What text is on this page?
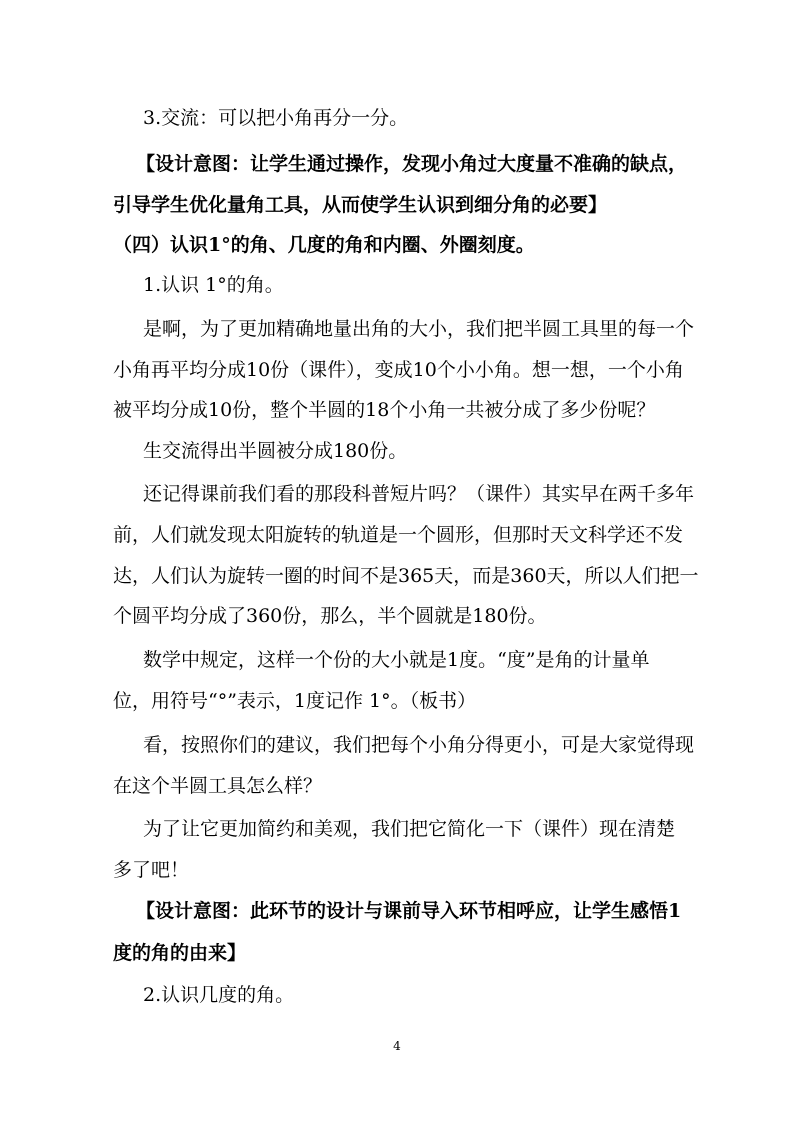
3.交流：可以把小角再分一分。
【设计意图：让学生通过操作，发现小角过大度量不准确的缺点，
引导学生优化量角工具，从而使学生认识到细分角的必要】
（四）认识1°的角、几度的角和内圈、外圈刻度。
1.认识 1°的角。
是啊，为了更加精确地量出角的大小，我们把半圆工具里的每一个
小角再平均分成10份（课件），变成10个小小角。想一想，一个小角
被平均分成10份，整个半圆的18个小角一共被分成了多少份呢？
生交流得出半圆被分成180份。
还记得课前我们看的那段科普短片吗？（课件）其实早在两千多年
前，人们就发现太阳旋转的轨道是一个圆形，但那时天文科学还不发
达，人们认为旋转一圈的时间不是365天，而是360天，所以人们把一
个圆平均分成了360份，那么，半个圆就是180份。
数学中规定，这样一个份的大小就是1度。“度”是角的计量单
位，用符号“°”表示，1度记作 1°。（板书）
看，按照你们的建议，我们把每个小角分得更小，可是大家觉得现
在这个半圆工具怎么样？
为了让它更加简约和美观，我们把它简化一下（课件）现在清楚
多了吧！
【设计意图：此环节的设计与课前导入环节相呼应，让学生感悟1
度的角的由来】
2.认识几度的角。
4
